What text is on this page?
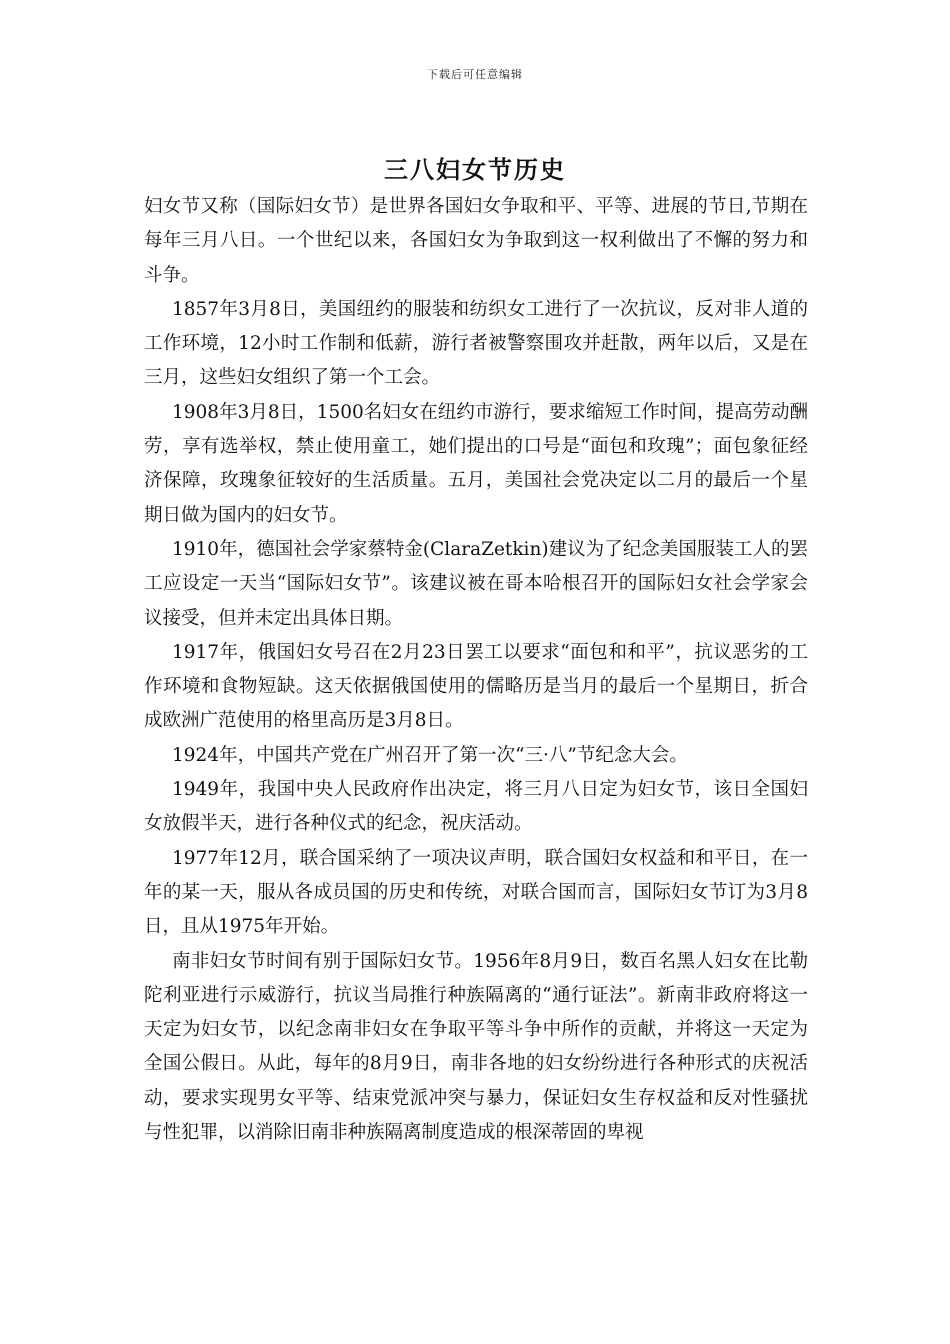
下载后可任意编辑
三八妇女节历史

妇女节又称（国际妇女节）是世界各国妇女争取和平、平等、进展的节日,节期在每年三月八日。一个世纪以来，各国妇女为争取到这一权利做出了不懈的努力和斗争。

1857年3月8日，美国纽约的服装和纺织女工进行了一次抗议，反对非人道的工作环境，12小时工作制和低薪，游行者被警察围攻并赶散，两年以后，又是在三月，这些妇女组织了第一个工会。

1908年3月8日，1500名妇女在纽约市游行，要求缩短工作时间，提高劳动酬劳，享有选举权，禁止使用童工，她们提出的口号是“面包和玫瑰”；面包象征经济保障，玫瑰象征较好的生活质量。五月，美国社会党决定以二月的最后一个星期日做为国内的妇女节。

1910年，德国社会学家蔡特金(ClaraZetkin)建议为了纪念美国服装工人的罢工应设定一天当“国际妇女节”。该建议被在哥本哈根召开的国际妇女社会学家会议接受，但并未定出具体日期。

1917年，俄国妇女号召在2月23日罢工以要求“面包和和平”，抗议恶劣的工作环境和食物短缺。这天依据俄国使用的儒略历是当月的最后一个星期日，折合成欧洲广范使用的格里高历是3月8日。

1924年，中国共产党在广州召开了第一次“三·八”节纪念大会。

1949年，我国中央人民政府作出决定，将三月八日定为妇女节，该日全国妇女放假半天，进行各种仪式的纪念，祝庆活动。

1977年12月，联合国采纳了一项决议声明，联合国妇女权益和和平日，在一年的某一天，服从各成员国的历史和传统，对联合国而言，国际妇女节订为3月8日，且从1975年开始。

南非妇女节时间有别于国际妇女节。1956年8月9日，数百名黑人妇女在比勒陀利亚进行示威游行，抗议当局推行种族隔离的“通行证法”。新南非政府将这一天定为妇女节，以纪念南非妇女在争取平等斗争中所作的贡献，并将这一天定为全国公假日。从此，每年的8月9日，南非各地的妇女纷纷进行各种形式的庆祝活动，要求实现男女平等、结束党派冲突与暴力，保证妇女生存权益和反对性骚扰与性犯罪，以消除旧南非种族隔离制度造成的根深蒂固的卑视
